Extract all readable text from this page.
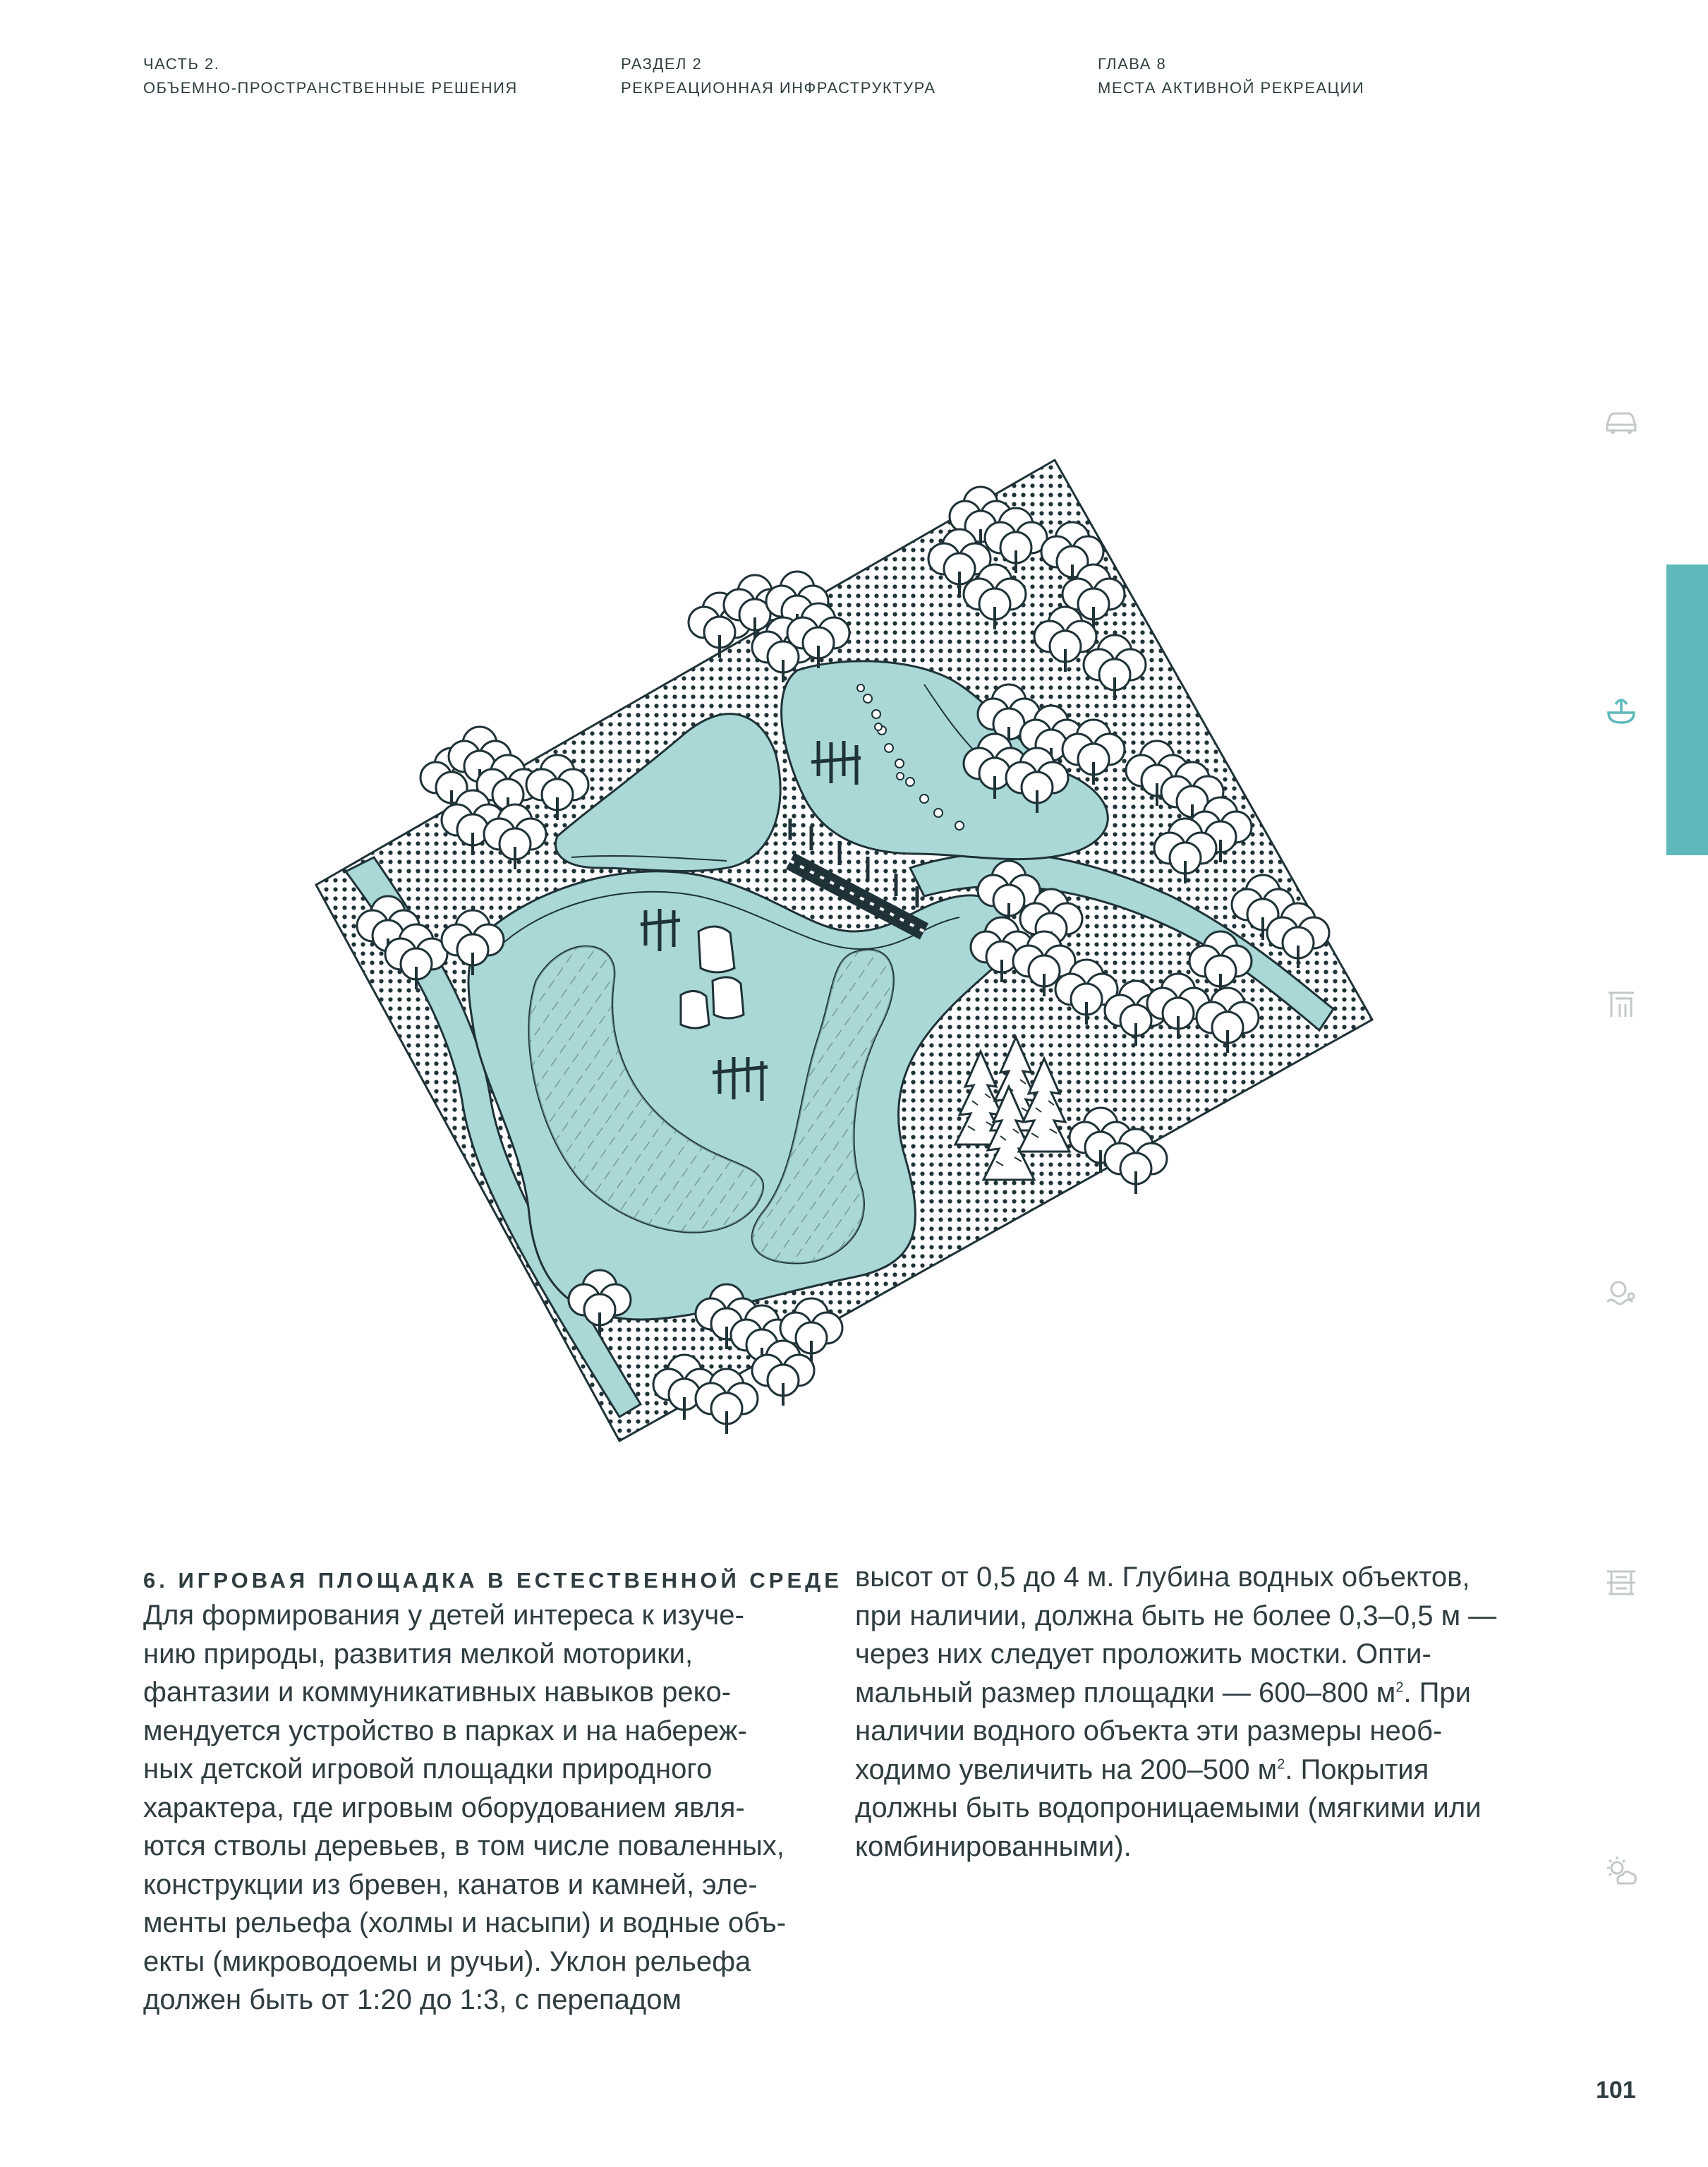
ЧАСТЬ 2.
ОБЪЕМНО-ПРОСТРАНСТВЕННЫЕ РЕШЕНИЯ
РАЗДЕЛ 2
РЕКРЕАЦИОННАЯ ИНФРАСТРУКТУРА
ГЛАВА 8
МЕСТА АКТИВНОЙ РЕКРЕАЦИИ
6. ИГРОВАЯ ПЛОЩАДКА В ЕСТЕСТВЕННОЙ СРЕДЕ
Для формирования у детей интереса к изуче-
нию природы, развития мелкой моторики,
фантазии и коммуникативных навыков реко-
мендуется устройство в парках и на набереж-
ных детской игровой площадки природного
характера, где игровым оборудованием явля-
ются стволы деревьев, в том числе поваленных,
конструкции из бревен, канатов и камней, эле-
менты рельефа (холмы и насыпи) и водные объ-
екты (микроводоемы и ручьи). Уклон рельефа
должен быть от 1:20 до 1:3, с перепадом
высот от 0,5 до 4 м. Глубина водных объектов,
при наличии, должна быть не более 0,3–0,5 м —
через них следует проложить мостки. Опти-
мальный размер площадки — 600–800 $м^2$. При
наличии водного объекта эти размеры необ-
ходимо увеличить на 200–500 $м^2$. Покрытия
должны быть водопроницаемыми (мягкими или
комбинированными).
101
